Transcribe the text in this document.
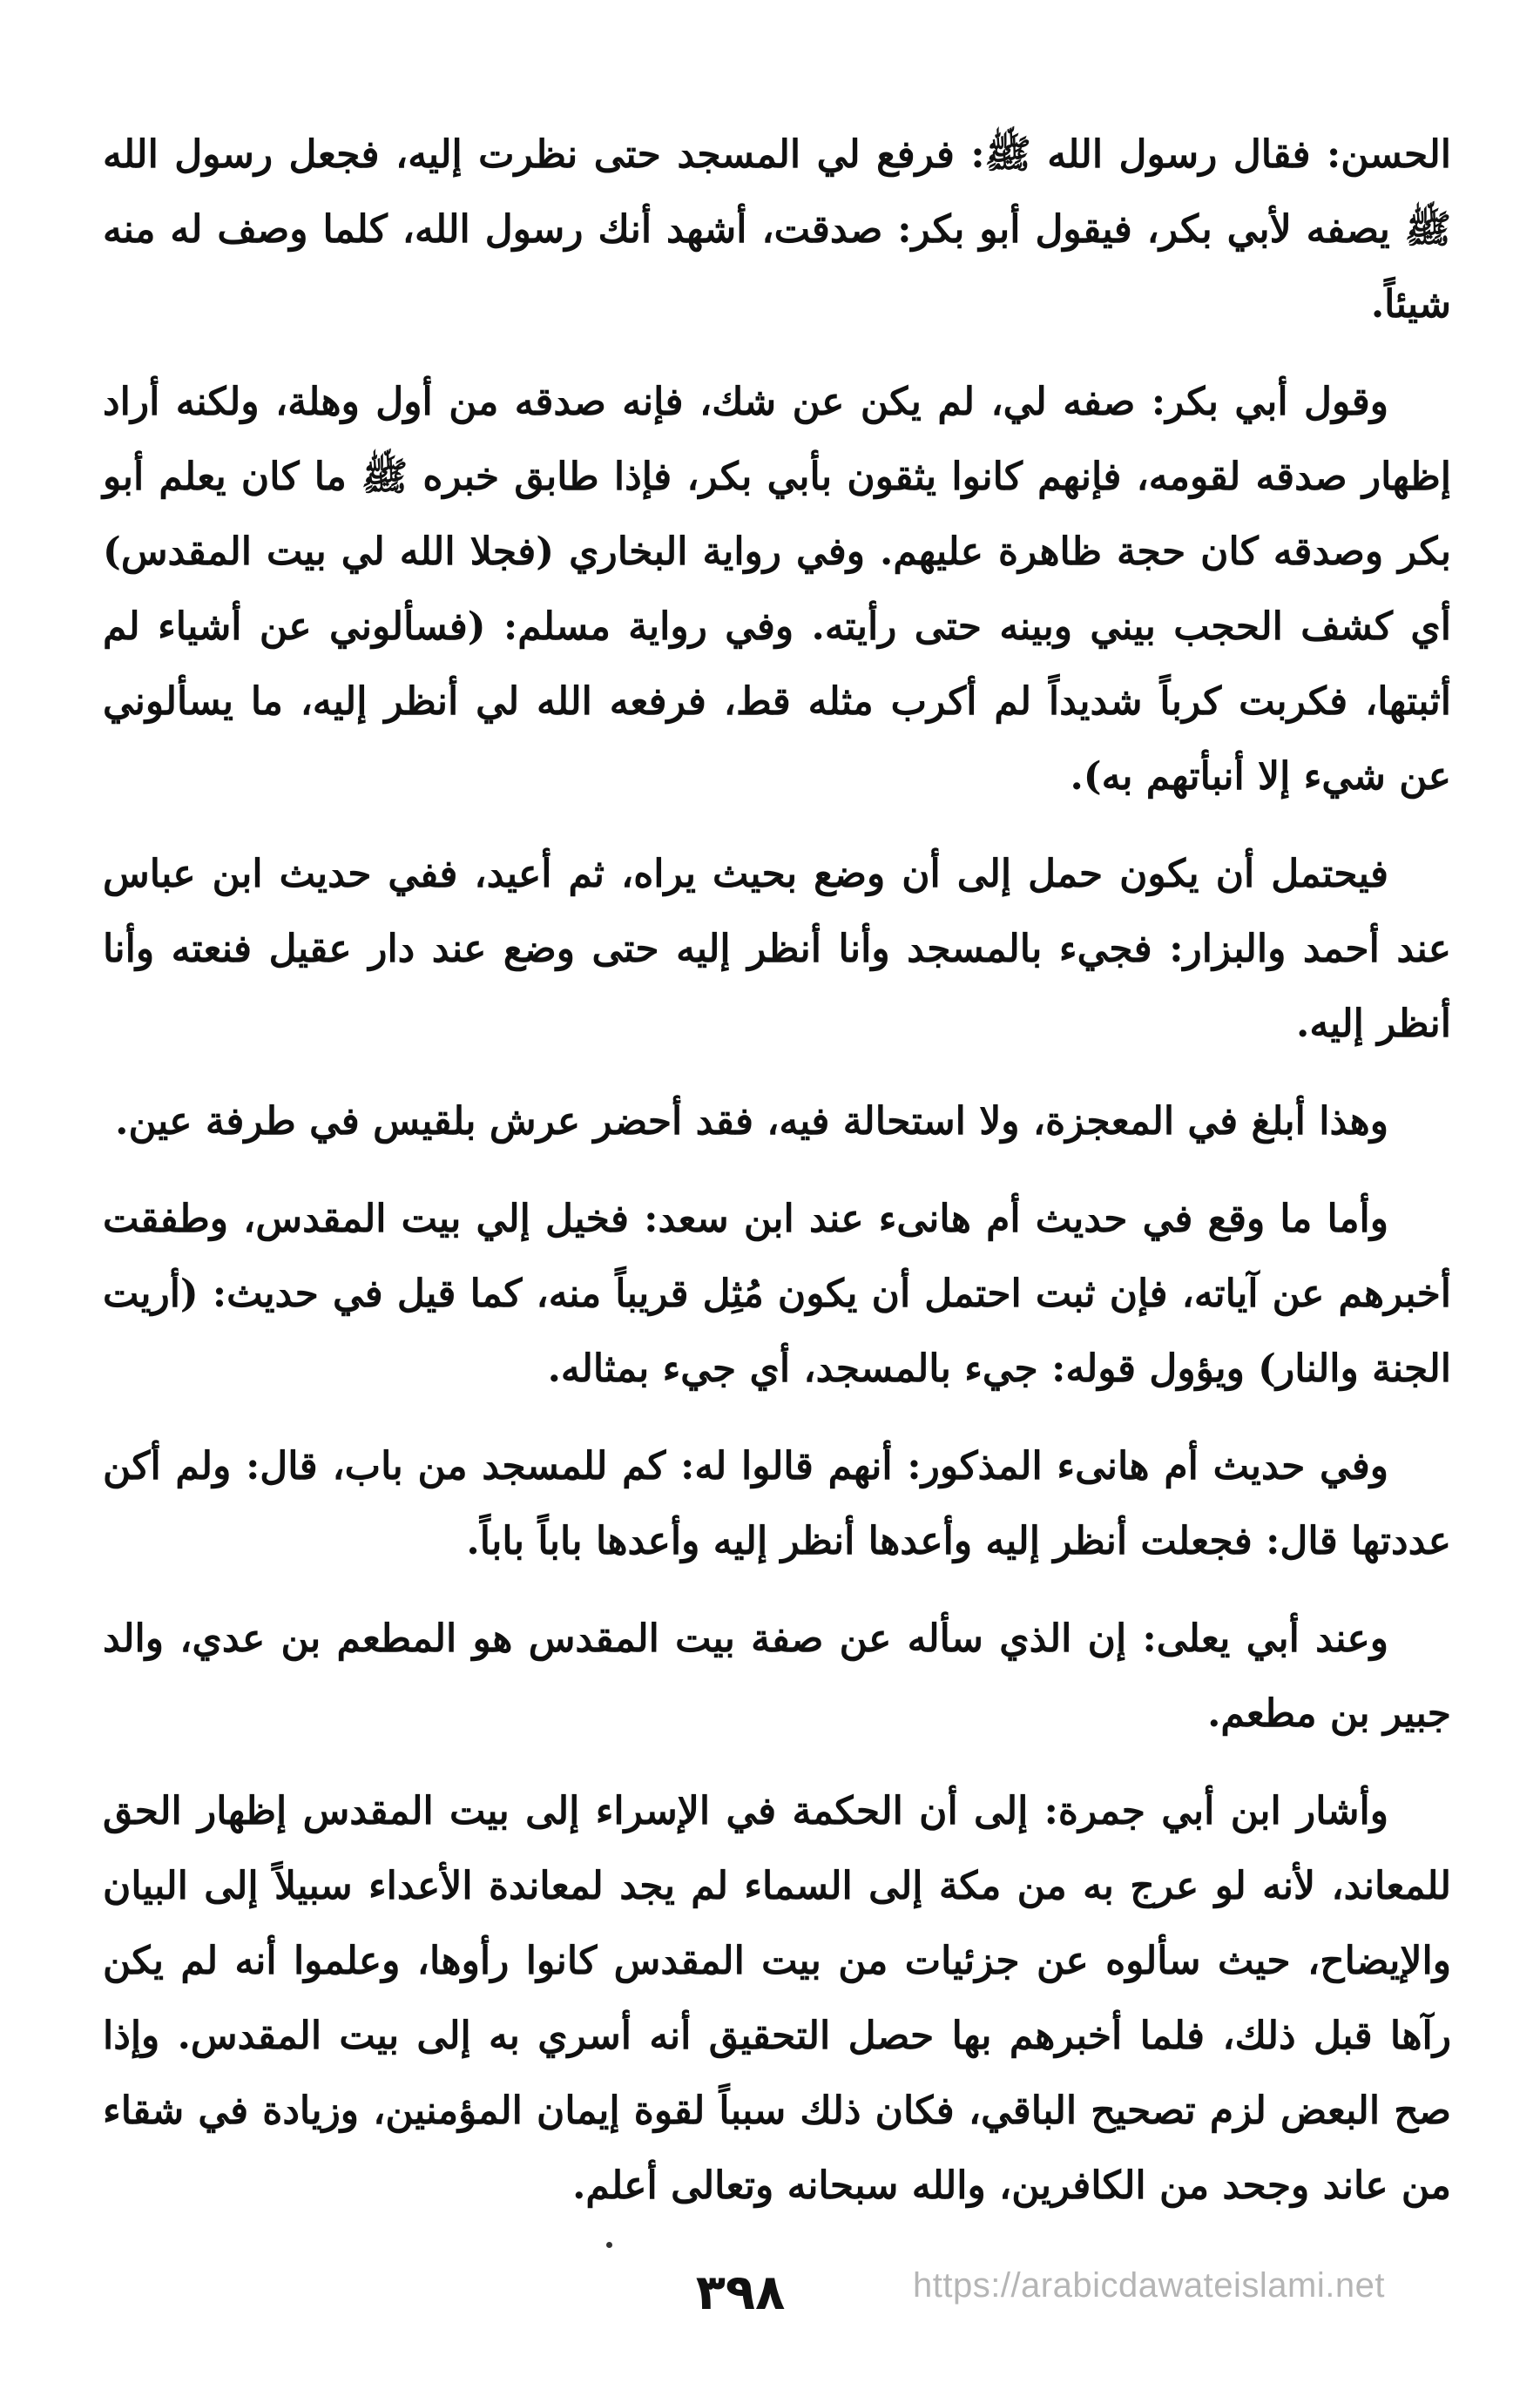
الحسن: فقال رسول الله ﷺ: فرفع لي المسجد حتى نظرت إليه، فجعل رسول الله ﷺ يصفه لأبي بكر، فيقول أبو بكر: صدقت، أشهد أنك رسول الله، كلما وصف له منه شيئاً.

وقول أبي بكر: صفه لي، لم يكن عن شك، فإنه صدقه من أول وهلة، ولكنه أراد إظهار صدقه لقومه، فإنهم كانوا يثقون بأبي بكر، فإذا طابق خبره ﷺ ما كان يعلم أبو بكر وصدقه كان حجة ظاهرة عليهم. وفي رواية البخاري (فجلا الله لي بيت المقدس) أي كشف الحجب بيني وبينه حتى رأيته. وفي رواية مسلم: (فسألوني عن أشياء لم أثبتها، فكربت كرباً شديداً لم أكرب مثله قط، فرفعه الله لي أنظر إليه، ما يسألوني عن شيء إلا أنبأتهم به).

فيحتمل أن يكون حمل إلى أن وضع بحيث يراه، ثم أعيد، ففي حديث ابن عباس عند أحمد والبزار: فجيء بالمسجد وأنا أنظر إليه حتى وضع عند دار عقيل فنعته وأنا أنظر إليه.

وهذا أبلغ في المعجزة، ولا استحالة فيه، فقد أحضر عرش بلقيس في طرفة عين.

وأما ما وقع في حديث أم هانىء عند ابن سعد: فخيل إلي بيت المقدس، وطفقت أخبرهم عن آياته، فإن ثبت احتمل أن يكون مُثِل قريباً منه، كما قيل في حديث: (أريت الجنة والنار) ويؤول قوله: جيء بالمسجد، أي جيء بمثاله.

وفي حديث أم هانىء المذكور: أنهم قالوا له: كم للمسجد من باب، قال: ولم أكن عددتها قال: فجعلت أنظر إليه وأعدها أنظر إليه وأعدها باباً باباً.

وعند أبي يعلى: إن الذي سأله عن صفة بيت المقدس هو المطعم بن عدي، والد جبير بن مطعم.

وأشار ابن أبي جمرة: إلى أن الحكمة في الإسراء إلى بيت المقدس إظهار الحق للمعاند، لأنه لو عرج به من مكة إلى السماء لم يجد لمعاندة الأعداء سبيلاً إلى البيان والإيضاح، حيث سألوه عن جزئيات من بيت المقدس كانوا رأوها، وعلموا أنه لم يكن رآها قبل ذلك، فلما أخبرهم بها حصل التحقيق أنه أسري به إلى بيت المقدس. وإذا صح البعض لزم تصحيح الباقي، فكان ذلك سبباً لقوة إيمان المؤمنين، وزيادة في شقاء من عاند وجحد من الكافرين، والله سبحانه وتعالى أعلم.

٣٩٨	https://arabicdawateislami.net
